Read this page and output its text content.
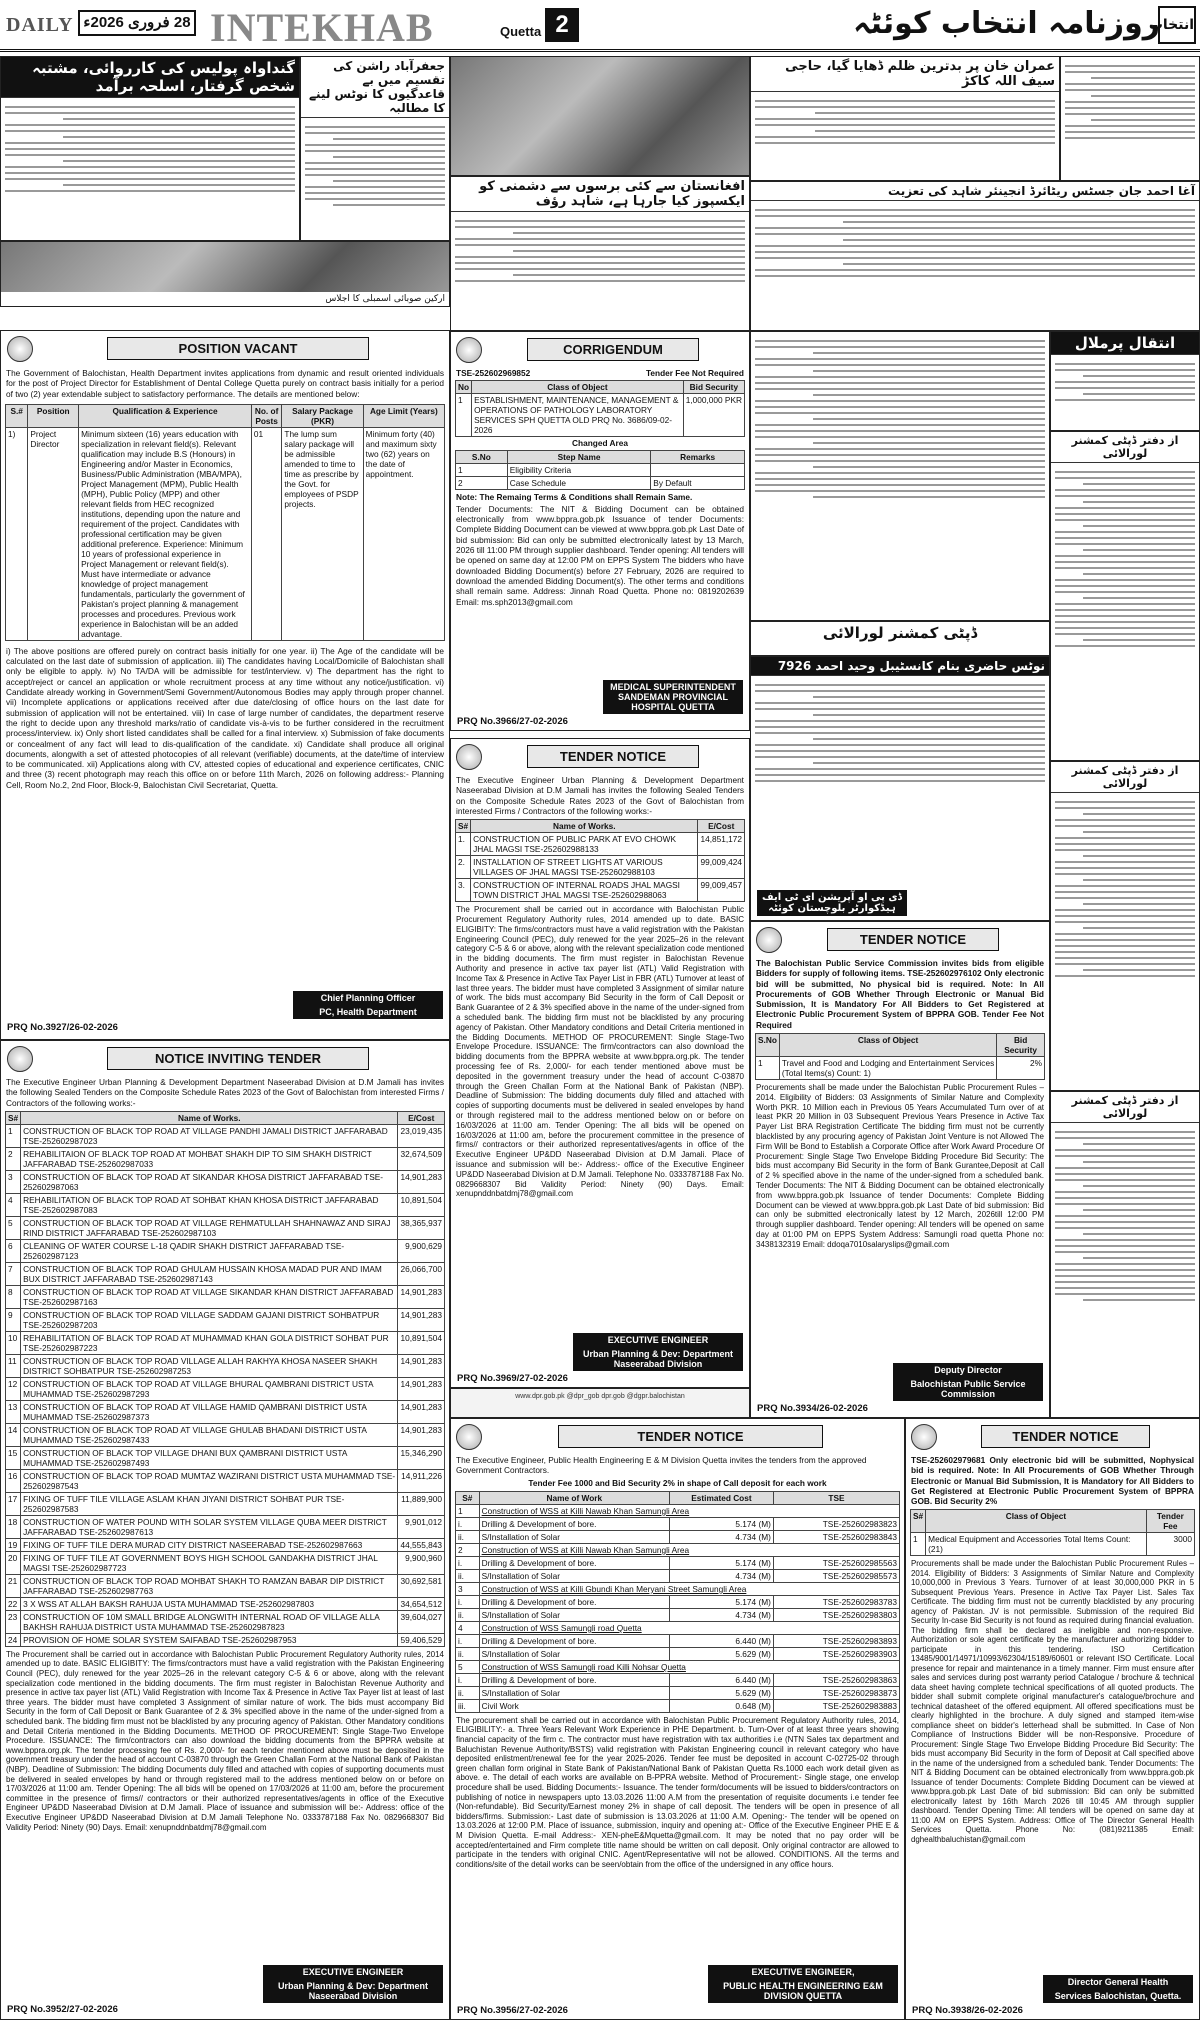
DAILY 28 فروری 2026ء INTEKHAB	Quetta 2	روزنامہ انتخاب کوئٹہ
انتخاب
گنداواہ پولیس کی کارروائی، مشتبہ شخص گرفتار، اسلحہ برآمد
ارکین صوبائی اسمبلی کا اجلاس
جعفرآباد راشن کی تقسیم میں بے قاعدگیوں کا نوٹس لینے کا مطالبہ
افغانستان سے کئی برسوں سے دشمنی کو ایکسپوز کیا جارہا ہے، شاہد رؤف
عمران خان پر بدترین ظلم ڈھایا گیا، حاجی سیف اللہ کاکڑ
آغا احمد جان جسٹس ریٹائرڈ انجینئر شاہد کی تعزیت
POSITION VACANT
The Government of Balochistan, Health Department invites applications from dynamic and result oriented individuals for the post of Project Director for Establishment of Dental College Quetta purely on contract basis initially for a period of two (2) year extendable subject to satisfactory performance. The details are mentioned below:
S.#	Position	Qualification & Experience	No. of Posts	Salary Package (PKR)	Age Limit (Years)
1)	Project Director	Minimum sixteen (16) years education with specialization in relevant field(s). Relevant qualification may include B.S (Honours) in Engineering and/or Master in Economics, Business/Public Administration (MBA/MPA), Project Management (MPM), Public Health (MPH), Public Policy (MPP) and other relevant fields from HEC recognized institutions, depending upon the nature and requirement of the project. Candidates with professional certification may be given additional preference. Experience: Minimum 10 years of professional experience in Project Management or relevant field(s). Must have intermediate or advance knowledge of project management fundamentals, particularly the government of Pakistan's project planning & management processes and procedures. Previous work experience in Balochistan will be an added advantage.	01	The lump sum salary package will be admissible amended to time to time as prescribe by the Govt. for employees of PSDP projects.	Minimum forty (40) and maximum sixty two (62) years on the date of appointment.
i) The above positions are offered purely on contract basis initially for one year. ii) The Age of the candidate will be calculated on the last date of submission of application. iii) The candidates having Local/Domicile of Balochistan shall only be eligible to apply. iv) No TA/DA will be admissible for test/interview. v) The department has the right to accept/reject or cancel an application or whole recruitment process at any time without any notice/justification. vi) Candidate already working in Government/Semi Government/Autonomous Bodies may apply through proper channel. vii) Incomplete applications or applications received after due date/closing of office hours on the last date for submission of application will not be entertained. viii) In case of large number of candidates, the department reserve the right to decide upon any threshold marks/ratio of candidate vis-à-vis to be further considered in the recruitment process/interview. ix) Only short listed candidates shall be called for a final interview. x) Submission of fake documents or concealment of any fact will lead to dis-qualification of the candidate. xi) Candidate shall produce all original documents, alongwith a set of attested photocopies of all relevant (verifiable) documents, at the date/time of interview to be communicated. xii) Applications along with CV, attested copies of educational and experience certificates, CNIC and three (3) recent photograph may reach this office on or before 11th March, 2026 on following address:- Planning Cell, Room No.2, 2nd Floor, Block-9, Balochistan Civil Secretariat, Quetta.
Chief Planning Officer
PC, Health Department
PRQ No.3927/26-02-2026
NOTICE INVITING TENDER
The Executive Engineer Urban Planning & Development Department Naseerabad Division at D.M Jamali has invites the following Sealed Tenders on the Composite Schedule Rates 2023 of the Govt of Balochistan from interested Firms / Contractors of the following works:-
S#	Name of Works.	E/Cost
1	CONSTRUCTION OF BLACK TOP ROAD AT VILLAGE PANDHI JAMALI DISTRICT JAFFARABAD TSE-252602987023	23,019,435
2	REHABILITAION OF BLACK TOP ROAD AT MOHBAT SHAKH DIP TO SIM SHAKH DISTRICT JAFFARABAD TSE-252602987033	32,674,509
3	CONSTRUCTION OF BLACK TOP ROAD AT SIKANDAR KHOSA DISTRICT JAFFARABAD TSE-252602987063	14,901,283
4	REHABILITATION OF BLACK TOP ROAD AT SOHBAT KHAN KHOSA DISTRICT JAFFARABAD TSE-252602987083	10,891,504
5	CONSTRUCTION OF BLACK TOP ROAD AT VILLAGE REHMATULLAH SHAHNAWAZ AND SIRAJ RIND DISTRICT JAFFARABAD TSE-252602987103	38,365,937
6	CLEANING OF WATER COURSE L-18 QADIR SHAKH DISTRICT JAFFARABAD TSE-252602987123	9,900,629
7	CONSTRUCTION OF BLACK TOP ROAD GHULAM HUSSAIN KHOSA MADAD PUR AND IMAM BUX DISTRICT JAFFARABAD TSE-252602987143	26,066,700
8	CONSTRUCTION OF BLACK TOP ROAD AT VILLAGE SIKANDAR KHAN DISTRICT JAFFARABAD TSE-252602987163	14,901,283
9	CONSTRUCTION OF BLACK TOP ROAD VILLAGE SADDAM GAJANI DISTRICT SOHBATPUR TSE-252602987203	14,901,283
10	REHABILITATION OF BLACK TOP ROAD AT MUHAMMAD KHAN GOLA DISTRICT SOHBAT PUR TSE-252602987223	10,891,504
11	CONSTRUCTION OF BLACK TOP ROAD VILLAGE ALLAH RAKHYA KHOSA NASEER SHAKH DISTRICT SOHBATPUR TSE-252602987253	14,901,283
12	CONSTRUCTION OF BLACK TOP ROAD AT VILLAGE BHURAL QAMBRANI DISTRICT USTA MUHAMMAD TSE-252602987293	14,901,283
13	CONSTRUCTION OF BLACK TOP ROAD AT VILLAGE HAMID QAMBRANI DISTRICT USTA MUHAMMAD TSE-252602987373	14,901,283
14	CONSTRUCTION OF BLACK TOP ROAD AT VILLAGE GHULAB BHADANI DISTRICT USTA MUHAMMAD TSE-252602987433	14,901,283
15	CONSTRUCTION OF BLACK TOP VILLAGE DHANI BUX QAMBRANI DISTRICT USTA MUHAMMAD TSE-252602987493	15,346,290
16	CONSTRUCTION OF BLACK TOP ROAD MUMTAZ WAZIRANI DISTRICT USTA MUHAMMAD TSE-252602987543	14,911,226
17	FIXING OF TUFF TILE VILLAGE ASLAM KHAN JIYANI DISTRICT SOHBAT PUR TSE-252602987583	11,889,900
18	CONSTRUCTION OF WATER POUND WITH SOLAR SYSTEM VILLAGE QUBA MEER DISTRICT JAFFARABAD TSE-252602987613	9,901,012
19	FIXING OF TUFF TILE DERA MURAD CITY DISTRICT NASEERABAD TSE-252602987663	44,555,843
20	FIXING OF TUFF TILE AT GOVERNMENT BOYS HIGH SCHOOL GANDAKHA DISTRICT JHAL MAGSI TSE-252602987723	9,900,960
21	CONSTRUCTION OF BLACK TOP ROAD MOHBAT SHAKH TO RAMZAN BABAR DIP DISTRICT JAFFARABAD TSE-252602987763	30,692,581
22	3 X WSS AT ALLAH BAKSH RAHUJA USTA MUHAMMAD TSE-252602987803	34,654,512
23	CONSTRUCTION OF 10M SMALL BRIDGE ALONGWITH INTERNAL ROAD OF VILLAGE ALLA BAKHSH RAHUJA DISTRICT USTA MUHAMMAD TSE-252602987823	39,604,027
24	PROVISION OF HOME SOLAR SYSTEM SAIFABAD TSE-252602987953	59,406,529
The Procurement shall be carried out in accordance with Balochistan Public Procurement Regulatory Authority rules, 2014 amended up to date. BASIC ELIGIBITY: The firms/contractors must have a valid registration with the Pakistan Engineering Council (PEC), duly renewed for the year 2025–26 in the relevant category C-5 & 6 or above, along with the relevant specialization code mentioned in the bidding documents. The firm must register in Balochistan Revenue Authority and presence in active tax payer list (ATL) Valid Registration with Income Tax & Presence in Active Tax Payer list at least of last three years. The bidder must have completed 3 Assignment of similar nature of work. The bids must accompany Bid Security in the form of Call Deposit or Bank Guarantee of 2 & 3% specified above in the name of the under-signed from a scheduled bank. The bidding firm must not be blacklisted by any procuring agency of Pakistan. Other Mandatory conditions and Detail Criteria mentioned in the Bidding Documents. METHOD OF PROCUREMENT: Single Stage-Two Envelope Procedure. ISSUANCE: The firm/contractors can also download the bidding documents from the BPPRA website at www.bppra.org.pk. The tender processing fee of Rs. 2,000/- for each tender mentioned above must be deposited in the government treasury under the head of account C-03870 through the Green Challan Form at the National Bank of Pakistan (NBP). Deadline of Submission: The bidding Documents duly filled and attached with copies of supporting documents must be delivered in sealed envelopes by hand or through registered mail to the address mentioned below on or before on 17/03/2026 at 11:00 am. Tender Opening: The all bids will be opened on 17/03/2026 at 11:00 am, before the procurement committee in the presence of firms// contractors or their authorized representatives/agents in office of the Executive Engineer UP&DD Naseerabad Division at D.M Jamali. Place of issuance and submission will be:- Address: office of the Executive Engineer UP&DD Naseerabad Division at D.M Jamali Telephone No. 0333787188 Fax No. 0829668307 Bid Validity Period: Ninety (90) Days. Email: xenupnddnbatdmj78@gmail.com
EXECUTIVE ENGINEER
Urban Planning & Dev: Department Naseerabad Division
PRQ No.3952/27-02-2026
CORRIGENDUM
TSE-252602969852	Tender Fee Not Required
No	Class of Object	Bid Security
1	ESTABLISHMENT, MAINTENANCE, MANAGEMENT & OPERATIONS OF PATHOLOGY LABORATORY SERVICES SPH QUETTA OLD PRQ No. 3686/09-02-2026	1,000,000 PKR
Changed Area
S.No	Step Name	Remarks
1	Eligibility Criteria	
2	Case Schedule	By Default
Note: The Remaing Terms & Conditions shall Remain Same.
Tender Documents: The NIT & Bidding Document can be obtained electronically from www.bppra.gob.pk Issuance of tender Documents: Complete Bidding Document can be viewed at www.bppra.gob.pk Last Date of bid submission: Bid can only be submitted electronically latest by 13 March, 2026 till 11:00 PM through supplier dashboard. Tender opening: All tenders will be opened on same day at 12:00 PM on EPPS System The bidders who have downloaded Bidding Document(s) before 27 February, 2026 are required to download the amended Bidding Document(s). The other terms and conditions shall remain same. Address: Jinnah Road Quetta. Phone no: 0819202639 Email: ms.sph2013@gmail.com
MEDICAL SUPERINTENDENT SANDEMAN PROVINCIAL HOSPITAL QUETTA
PRQ No.3966/27-02-2026
TENDER NOTICE
The Executive Engineer Urban Planning & Development Department Naseerabad Division at D.M Jamali has invites the following Sealed Tenders on the Composite Schedule Rates 2023 of the Govt of Balochistan from interested Firms / Contractors of the following works:-
S#	Name of Works.	E/Cost
1.	CONSTRUCTION OF PUBLIC PARK AT EVO CHOWK JHAL MAGSI TSE-252602988133	14,851,172
2.	INSTALLATION OF STREET LIGHTS AT VARIOUS VILLAGES OF JHAL MAGSI TSE-252602988103	99,009,424
3.	CONSTRUCTION OF INTERNAL ROADS JHAL MAGSI TOWN DISTRICT JHAL MAGSI TSE-252602988063	99,009,457
The Procurement shall be carried out in accordance with Balochistan Public Procurement Regulatory Authority rules, 2014 amended up to date. BASIC ELIGIBITY: The firms/contractors must have a valid registration with the Pakistan Engineering Council (PEC), duly renewed for the year 2025–26 in the relevant category C-5 & 6 or above, along with the relevant specialization code mentioned in the bidding documents. The firm must register in Balochistan Revenue Authority and presence in active tax payer list (ATL) Valid Registration with Income Tax & Presence in Active Tax Payer List in FBR (ATL) Turnover at least of last three years. The bidder must have completed 3 Assignment of similar nature of work. The bids must accompany Bid Security in the form of Call Deposit or Bank Guarantee of 2 & 3% specified above in the name of the under-signed from a scheduled bank. The bidding firm must not be blacklisted by any procuring agency of Pakistan. Other Mandatory conditions and Detail Criteria mentioned in the Bidding Documents. METHOD OF PROCUREMENT: Single Stage-Two Envelope Procedure. ISSUANCE: The firm/contractors can also download the bidding documents from the BPPRA website at www.bppra.org.pk. The tender processing fee of Rs. 2,000/- for each tender mentioned above must be deposited in the government treasury under the head of account C-03870 through the Green Challan Form at the National Bank of Pakistan (NBP). Deadline of Submission: The bidding documents duly filled and attached with copies of supporting documents must be delivered in sealed envelopes by hand or through registered mail to the address mentioned below on or before on 16/03/2026 at 11:00 am. Tender Opening: The all bids will be opened on 16/03/2026 at 11:00 am, before the procurement committee in the presence of firms// contractors or their authorized representatives/agents in office of the Executive Engineer UP&DD Naseerabad Division at D.M Jamali. Place of issuance and submission will be:- Address:- office of the Executive Engineer UP&DD Naseerabad Division at D.M Jamali. Telephone No. 0333787188 Fax No. 0829668307 Bid Validity Period: Ninety (90) Days. Email: xenupnddnbatdmj78@gmail.com
EXECUTIVE ENGINEER
Urban Planning & Dev: Department Naseerabad Division
PRQ No.3969/27-02-2026
TENDER NOTICE
The Executive Engineer, Public Health Engineering E & M Division Quetta invites the tenders from the approved Government Contractors.
Tender Fee 1000 and Bid Security 2% in shape of Call deposit for each work
S#	Name of Work	Estimated Cost	TSE
1	Construction of WSS at Killi Nawab Khan Samungli Area		
i.	Drilling & Development of bore.	5.174 (M)	TSE-252602983823
ii.	S/Installation of Solar	4.734 (M)	TSE-252602983843
2	Construction of WSS at Killi Nawab Khan Samungli Area		
i.	Drilling & Development of bore.	5.174 (M)	TSE-252602985563
ii.	S/Installation of Solar	4.734 (M)	TSE-252602985573
3	Construction of WSS at Killi Gbundi Khan Meryani Street Samungli Area		
i.	Drilling & Development of bore.	5.174 (M)	TSE-252602983783
ii.	S/Installation of Solar	4.734 (M)	TSE-252602983803
4	Construction of WSS Samungli road Quetta		
i.	Drilling & Development of bore.	6.440 (M)	TSE-252602983893
ii.	S/Installation of Solar	5.629 (M)	TSE-252602983903
5	Construction of WSS Samungli road Killi Nohsar Quetta		
i.	Drilling & Development of bore.	6.440 (M)	TSE-252602983863
ii.	S/Installation of Solar	5.629 (M)	TSE-252602983873
iii.	Civil Work	0.648 (M)	TSE-252602983883
The procurement shall be carried out in accordance with Balochistan Public Procurement Regulatory Authority rules, 2014, ELIGIBILITY:- a. Three Years Relevant Work Experience in PHE Department. b. Turn-Over of at least three years showing financial capacity of the firm c. The contractor must have registration with tax authorities i.e (NTN Sales tax department and Baluchistan Revenue Authority/BSTS) valid registration with Pakistan Engineering council in relevant category who have deposited enlistment/renewal fee for the year 2025-2026. Tender fee must be deposited in account C-02725-02 through green challan form original in State Bank of Pakistan/National Bank of Pakistan Quetta Rs.1000 each work detail given as above. e. The detail of each works are available on B-PPRA website. Method of Procurement:- Single stage, one envelop procedure shall be used. Bidding Documents:- Issuance. The tender form/documents will be issued to bidders/contractors on publishing of notice in newspapers upto 13.03.2026 11:00 A.M from the presentation of requisite documents i.e tender fee (Non-refundable). Bid Security/Earnest money 2% in shape of call deposit. The tenders will be open in presence of all bidders/firms. Submission:- Last date of submission is 13.03.2026 at 11:00 A.M. Opening:- The tender will be opened on 13.03.2026 at 12:00 P.M. Place of issuance, submission, inquiry and opening at:- Office of the Executive Engineer PHE E & M Division Quetta. E-mail Address:- XEN-pheE&Mquetta@gmail.com. It may be noted that no pay order will be accepted/entertained and Firm complete title name should be written on call deposit. Only original contractor are allowed to participate in the tenders with original CNIC. Agent/Representative will not be allowed. CONDITIONS. All the terms and conditions/site of the detail works can be seen/obtain from the office of the undersigned in any office hours.
EXECUTIVE ENGINEER,
PUBLIC HEALTH ENGINEERING E&M DIVISION QUETTA
PRQ No.3956/27-02-2026
ڈپٹی کمشنر لورالائی
نوٹس حاضری بنام کانسٹیبل وحید احمد 7926
ڈی پی او آپریشن ای ٹی ایف ہیڈکوارٹر بلوچستان کوئٹہ
TENDER NOTICE
The Balochistan Public Service Commission invites bids from eligible Bidders for supply of following items. TSE-252602976102 Only electronic bid will be submitted, No physical bid is required. Note: In All Procurements of GOB Whether Through Electronic or Manual Bid Submission, It is Mandatory For All Bidders to Get Registered at Electronic Public Procurement System of BPPRA GOB. Tender Fee Not Required
S.No	Class of Object	Bid Security
1	Travel and Food and Lodging and Entertainment Services (Total Items(s) Count: 1)	2%
Procurements shall be made under the Balochistan Public Procurement Rules – 2014. Eligibility of Bidders: 03 Assignments of Similar Nature and Complexity Worth PKR. 10 Million each in Previous 05 Years Accumulated Turn over of at least PKR 20 Million in 03 Subsequent Previous Years Presence in Active Tax Payer List BRA Registration Certificate The bidding firm must not be currently blacklisted by any procuring agency of Pakistan Joint Venture is not Allowed The Firm Will be Bond to Establish a Corporate Office after Work Award Procedure Of Procurement: Single Stage Two Envelope Bidding Procedure Bid Security: The bids must accompany Bid Security in the form of Bank Gurantee,Deposit at Call of 2 % specified above in the name of the under-signed from a scheduled bank. Tender Documents: The NIT & Bidding Document can be obtained electronically from www.bppra.gob.pk Issuance of tender Documents: Complete Bidding Document can be viewed at www.bppra.gob.pk Last Date of bid submission: Bid can only be submitted electronically latest by 12 March, 2026till 12:00 PM through supplier dashboard. Tender opening: All tenders will be opened on same day at 01:00 PM on EPPS System Address: Samungli road quetta Phone no: 3438132319 Email: ddoqa7010salaryslips@gmail.com
Deputy Director
Balochistan Public Service Commission
PRQ No.3934/26-02-2026
انتقال پرملال
از دفتر ڈپٹی کمشنر لورالائی
از دفتر ڈپٹی کمشنر لورالائی
از دفتر ڈپٹی کمشنر لورالائی
TENDER NOTICE
TSE-252602979681 Only electronic bid will be submitted, Nophysical bid is required. Note: In All Procurements of GOB Whether Through Electronic or Manual Bid Submission, It is Mandatory for All Bidders to Get Registered at Electronic Public Procurement System of BPPRA GOB. Bid Security 2%
S#	Class of Object	Tender Fee
1	Medical Equipment and Accessories Total Items Count: (21)	3000
Procurements shall be made under the Balochistan Public Procurement Rules – 2014. Eligibility of Bidders: 3 Assignments of Similar Nature and Complexity 10,000,000 in Previous 3 Years. Turnover of at least 30,000,000 PKR in 5 Subsequent Previous Years. Presence in Active Tax Payer List. Sales Tax Certificate. The bidding firm must not be currently blacklisted by any procuring agency of Pakistan. JV is not permissible. Submission of the required Bid Security In-case Bid Security is not found as required during financial evaluation. The bidding firm shall be declared as ineligible and non-responsive. Authorization or sole agent certificate by the manufacturer authorizing bidder to participate in this tendering. ISO Certification 13485/9001/14971/10993/62304/15189/60601 or relevant ISO Certificate. Local presence for repair and maintenance in a timely manner. Firm must ensure after sales and services during post warranty period Catalogue / brochure & technical data sheet having complete technical specifications of all quoted products. The bidder shall submit complete original manufacturer's catalogue/brochure and technical datasheet of the offered equipment. All offered specifications must be clearly highlighted in the brochure. A duly signed and stamped item-wise compliance sheet on bidder's letterhead shall be submitted. In Case of Non Compliance of Instructions Bidder will be non-Responsive. Procedure of Procurement: Single Stage Two Envelope Bidding Procedure Bid Security: The bids must accompany Bid Security in the form of Deposit at Call specified above in the name of the undersigned from a scheduled bank. Tender Documents: The NIT & Bidding Document can be obtained electronically from www.bppra.gob.pk Issuance of tender Documents: Complete Bidding Document can be viewed at www.bppra.gob.pk Last Date of bid submission: Bid can only be submitted electronically latest by 16th March 2026 till 10:45 AM through supplier dashboard. Tender Opening Time: All tenders will be opened on same day at 11:00 AM on EPPS System. Address: Office of The Director General Health Services Quetta. Phone No: (081)9211385 Email: dghealthbaluchistan@gmail.com
Director General Health
Services Balochistan, Quetta.
PRQ No.3938/26-02-2026
www.dpr.gob.pk @dpr_gob dpr.gob @dgpr.balochistan
